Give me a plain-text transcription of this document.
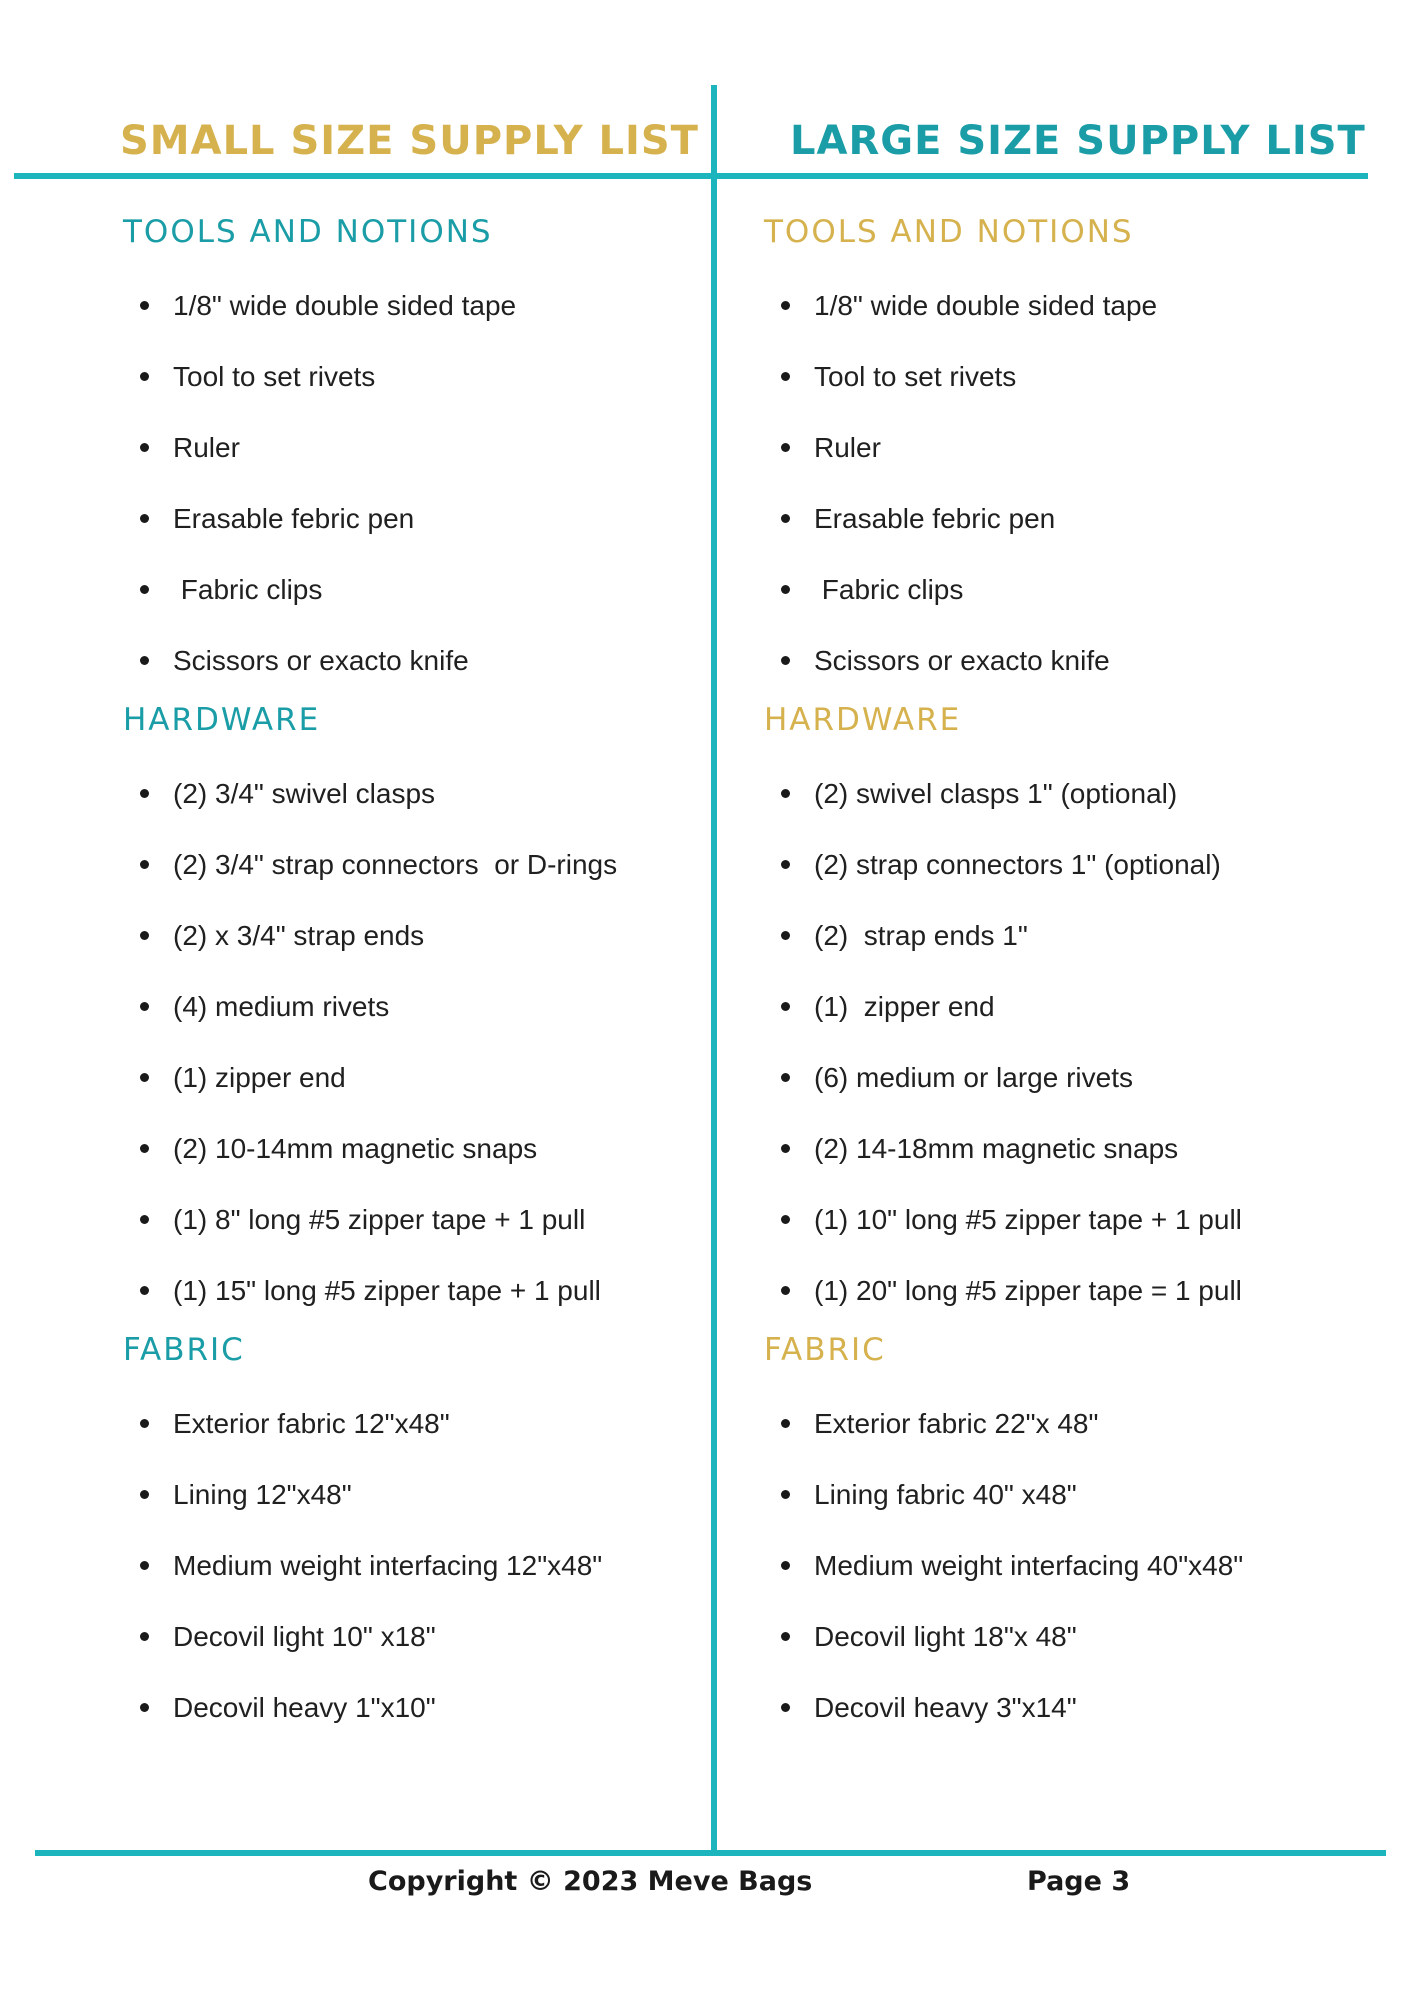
SMALL SIZE SUPPLY LIST LARGE SIZE SUPPLY LIST
TOOLS AND NOTIONS
1/8" wide double sided tape
Tool to set rivets
Ruler
Erasable febric pen
Fabric clips
Scissors or exacto knife
HARDWARE
(2) 3/4" swivel clasps
(2) 3/4" strap connectors  or D-rings
(2) x 3/4" strap ends
(4) medium rivets
(1) zipper end
(2) 10-14mm magnetic snaps
(1) 8" long #5 zipper tape + 1 pull
(1) 15" long #5 zipper tape + 1 pull
FABRIC
Exterior fabric 12"x48"
Lining 12"x48"
Medium weight interfacing 12"x48"
Decovil light 10" x18"
Decovil heavy 1"x10"
TOOLS AND NOTIONS
1/8" wide double sided tape
Tool to set rivets
Ruler
Erasable febric pen
Fabric clips
Scissors or exacto knife
HARDWARE
(2) swivel clasps 1" (optional)
(2) strap connectors 1" (optional)
(2)  strap ends 1"
(1)  zipper end
(6) medium or large rivets
(2) 14-18mm magnetic snaps
(1) 10" long #5 zipper tape + 1 pull
(1) 20" long #5 zipper tape = 1 pull
FABRIC
Exterior fabric 22"x 48"
Lining fabric 40" x48"
Medium weight interfacing 40"x48"
Decovil light 18"x 48"
Decovil heavy 3"x14"
Copyright © 2023 Meve Bags	Page 3
